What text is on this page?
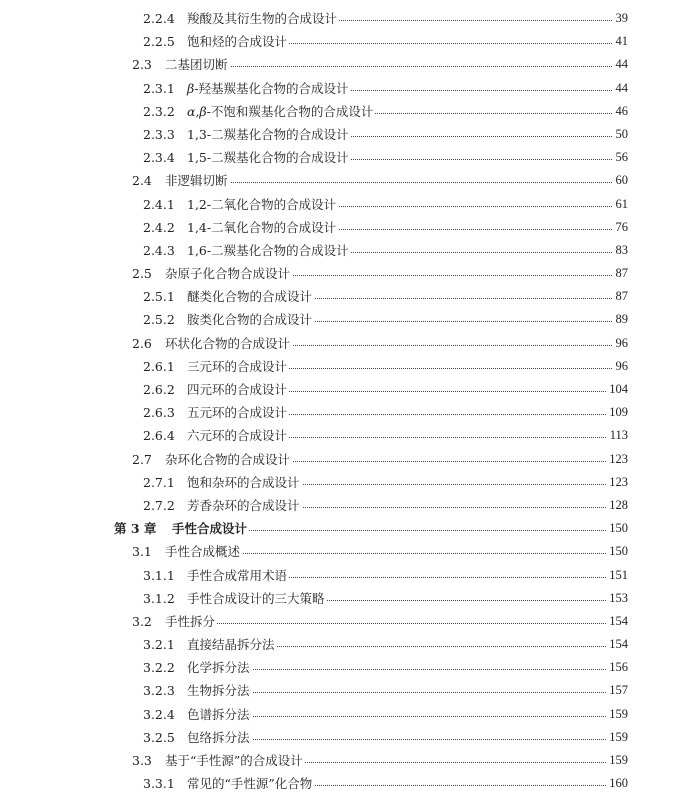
2.2.4 羧酸及其衍生物的合成设计	39
2.2.5 饱和烃的合成设计	41
2.3 二基团切断	44
2.3.1 β-羟基羰基化合物的合成设计	44
2.3.2 α,β-不饱和羰基化合物的合成设计	46
2.3.3 1,3-二羰基化合物的合成设计	50
2.3.4 1,5-二羰基化合物的合成设计	56
2.4 非逻辑切断	60
2.4.1 1,2-二氧化合物的合成设计	61
2.4.2 1,4-二氧化合物的合成设计	76
2.4.3 1,6-二羰基化合物的合成设计	83
2.5 杂原子化合物合成设计	87
2.5.1 醚类化合物的合成设计	87
2.5.2 胺类化合物的合成设计	89
2.6 环状化合物的合成设计	96
2.6.1 三元环的合成设计	96
2.6.2 四元环的合成设计	104
2.6.3 五元环的合成设计	109
2.6.4 六元环的合成设计	113
2.7 杂环化合物的合成设计	123
2.7.1 饱和杂环的合成设计	123
2.7.2 芳香杂环的合成设计	128
第 3 章 手性合成设计	150
3.1 手性合成概述	150
3.1.1 手性合成常用术语	151
3.1.2 手性合成设计的三大策略	153
3.2 手性拆分	154
3.2.1 直接结晶拆分法	154
3.2.2 化学拆分法	156
3.2.3 生物拆分法	157
3.2.4 色谱拆分法	159
3.2.5 包络拆分法	159
3.3 基于“手性源”的合成设计	159
3.3.1 常见的“手性源”化合物	160
